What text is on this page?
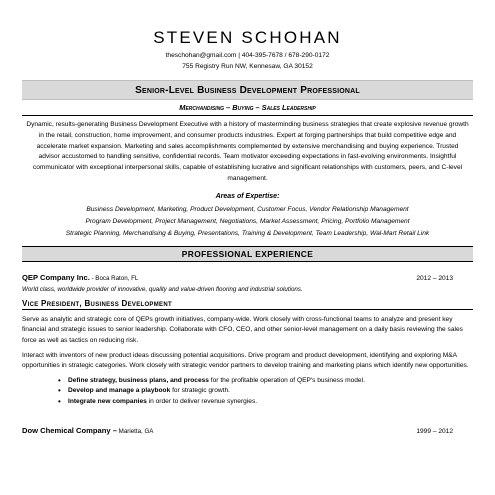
STEVEN SCHOHAN
theschohan@gmail.com | 404-395-7678 / 678-290-0172
755 Registry Run NW, Kennesaw, GA 30152
Senior-Level Business Development Professional
Merchandising – Buying – Sales Leadership
Dynamic, results-generating Business Development Executive with a history of masterminding business strategies that create explosive revenue growth in the retail, construction, home improvement, and consumer products industries. Expert at forging partnerships that build competitive edge and accelerate market expansion. Marketing and sales accomplishments complemented by extensive merchandising and buying experience. Trusted advisor accustomed to handling sensitive, confidential records. Team motivator exceeding expectations in fast-evolving environments. Insightful communicator with exceptional interpersonal skills, capable of establishing lucrative and significant relationships with customers, peers, and C-level management.
Areas of Expertise:
Business Development, Marketing, Product Development, Customer Focus, Vendor Relationship Management
Program Development, Project Management, Negotiations, Market Assessment, Pricing, Portfolio Management
Strategic Planning, Merchandising & Buying, Presentations, Training & Development, Team Leadership, Wal-Mart Retail Link
PROFESSIONAL EXPERIENCE
QEP Company Inc. - Boca Raton, FL	2012 – 2013
World class, worldwide provider of innovative, quality and value-driven flooring and industrial solutions.
Vice President, Business Development
Serve as analytic and strategic core of QEPs growth initiatives, company-wide. Work closely with cross-functional teams to analyze and present key financial and strategic issues to senior leadership. Collaborate with CFO, CEO, and other senior-level management on a daily basis reviewing the sales force as well as tactics on reducing risk.
Interact with inventors of new product ideas discussing potential acquisitions. Drive program and product development, identifying and exploring M&A opportunities in strategic categories. Work closely with strategic vendor partners to develop training and marketing plans which identify new opportunities.
• Define strategy, business plans, and process for the profitable operation of QEP's business model.
• Develop and manage a playbook for strategic growth.
• Integrate new companies in order to deliver revenue synergies.
Dow Chemical Company – Marietta, GA	1999 – 2012
